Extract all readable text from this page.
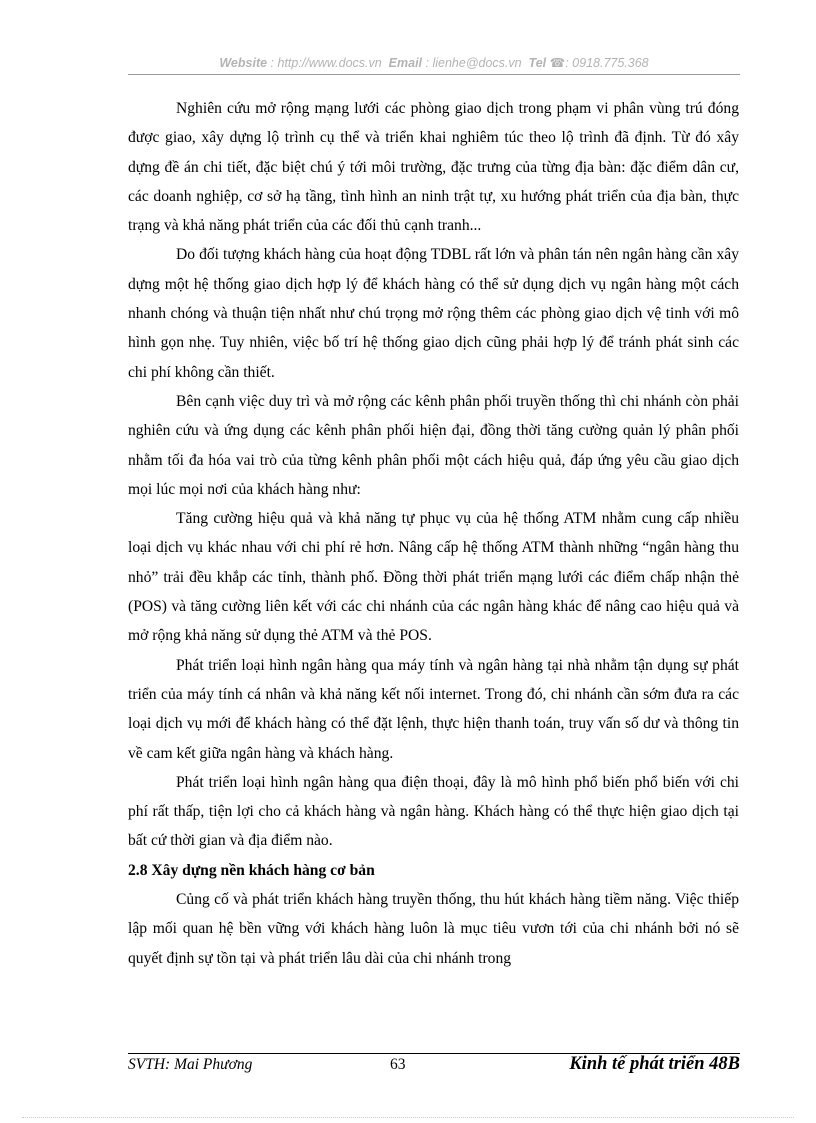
Website : http://www.docs.vn Email : lienhe@docs.vn Tel ☎: 0918.775.368

Nghiên cứu mở rộng mạng lưới các phòng giao dịch trong phạm vi phân vùng trú đóng được giao, xây dựng lộ trình cụ thể và triển khai nghiêm túc theo lộ trình đã định. Từ đó xây dựng đề án chi tiết, đặc biệt chú ý tới môi trường, đặc trưng của từng địa bàn: đặc điểm dân cư, các doanh nghiệp, cơ sở hạ tầng, tình hình an ninh trật tự, xu hướng phát triển của địa bàn, thực trạng và khả năng phát triển của các đối thủ cạnh tranh...

Do đối tượng khách hàng của hoạt động TDBL rất lớn và phân tán nên ngân hàng cần xây dựng một hệ thống giao dịch hợp lý để khách hàng có thể sử dụng dịch vụ ngân hàng một cách nhanh chóng và thuận tiện nhất như chú trọng mở rộng thêm các phòng giao dịch vệ tinh với mô hình gọn nhẹ. Tuy nhiên, việc bố trí hệ thống giao dịch cũng phải hợp lý để tránh phát sinh các chi phí không cần thiết.

Bên cạnh việc duy trì và mở rộng các kênh phân phối truyền thống thì chi nhánh còn phải nghiên cứu và ứng dụng các kênh phân phối hiện đại, đồng thời tăng cường quản lý phân phối nhằm tối đa hóa vai trò của từng kênh phân phối một cách hiệu quả, đáp ứng yêu cầu giao dịch mọi lúc mọi nơi của khách hàng như:

Tăng cường hiệu quả và khả năng tự phục vụ của hệ thống ATM nhằm cung cấp nhiều loại dịch vụ khác nhau với chi phí rẻ hơn. Nâng cấp hệ thống ATM thành những “ngân hàng thu nhỏ” trải đều khắp các tỉnh, thành phố. Đồng thời phát triển mạng lưới các điểm chấp nhận thẻ (POS) và tăng cường liên kết với các chi nhánh của các ngân hàng khác để nâng cao hiệu quả và mở rộng khả năng sử dụng thẻ ATM và thẻ POS.

Phát triển loại hình ngân hàng qua máy tính và ngân hàng tại nhà nhằm tận dụng sự phát triển của máy tính cá nhân và khả năng kết nối internet. Trong đó, chi nhánh cần sớm đưa ra các loại dịch vụ mới để khách hàng có thể đặt lệnh, thực hiện thanh toán, truy vấn số dư và thông tin về cam kết giữa ngân hàng và khách hàng.

Phát triển loại hình ngân hàng qua điện thoại, đây là mô hình phổ biến phổ biến với chi phí rất thấp, tiện lợi cho cả khách hàng và ngân hàng. Khách hàng có thể thực hiện giao dịch tại bất cứ thời gian và địa điểm nào.

2.8 Xây dựng nền khách hàng cơ bản

Củng cố và phát triển khách hàng truyền thống, thu hút khách hàng tiềm năng. Việc thiếp lập mối quan hệ bền vững với khách hàng luôn là mục tiêu vươn tới của chi nhánh bởi nó sẽ quyết định sự tồn tại và phát triển lâu dài của chi nhánh trong

SVTH: Mai Phương	63	Kinh tế phát triển 48B
